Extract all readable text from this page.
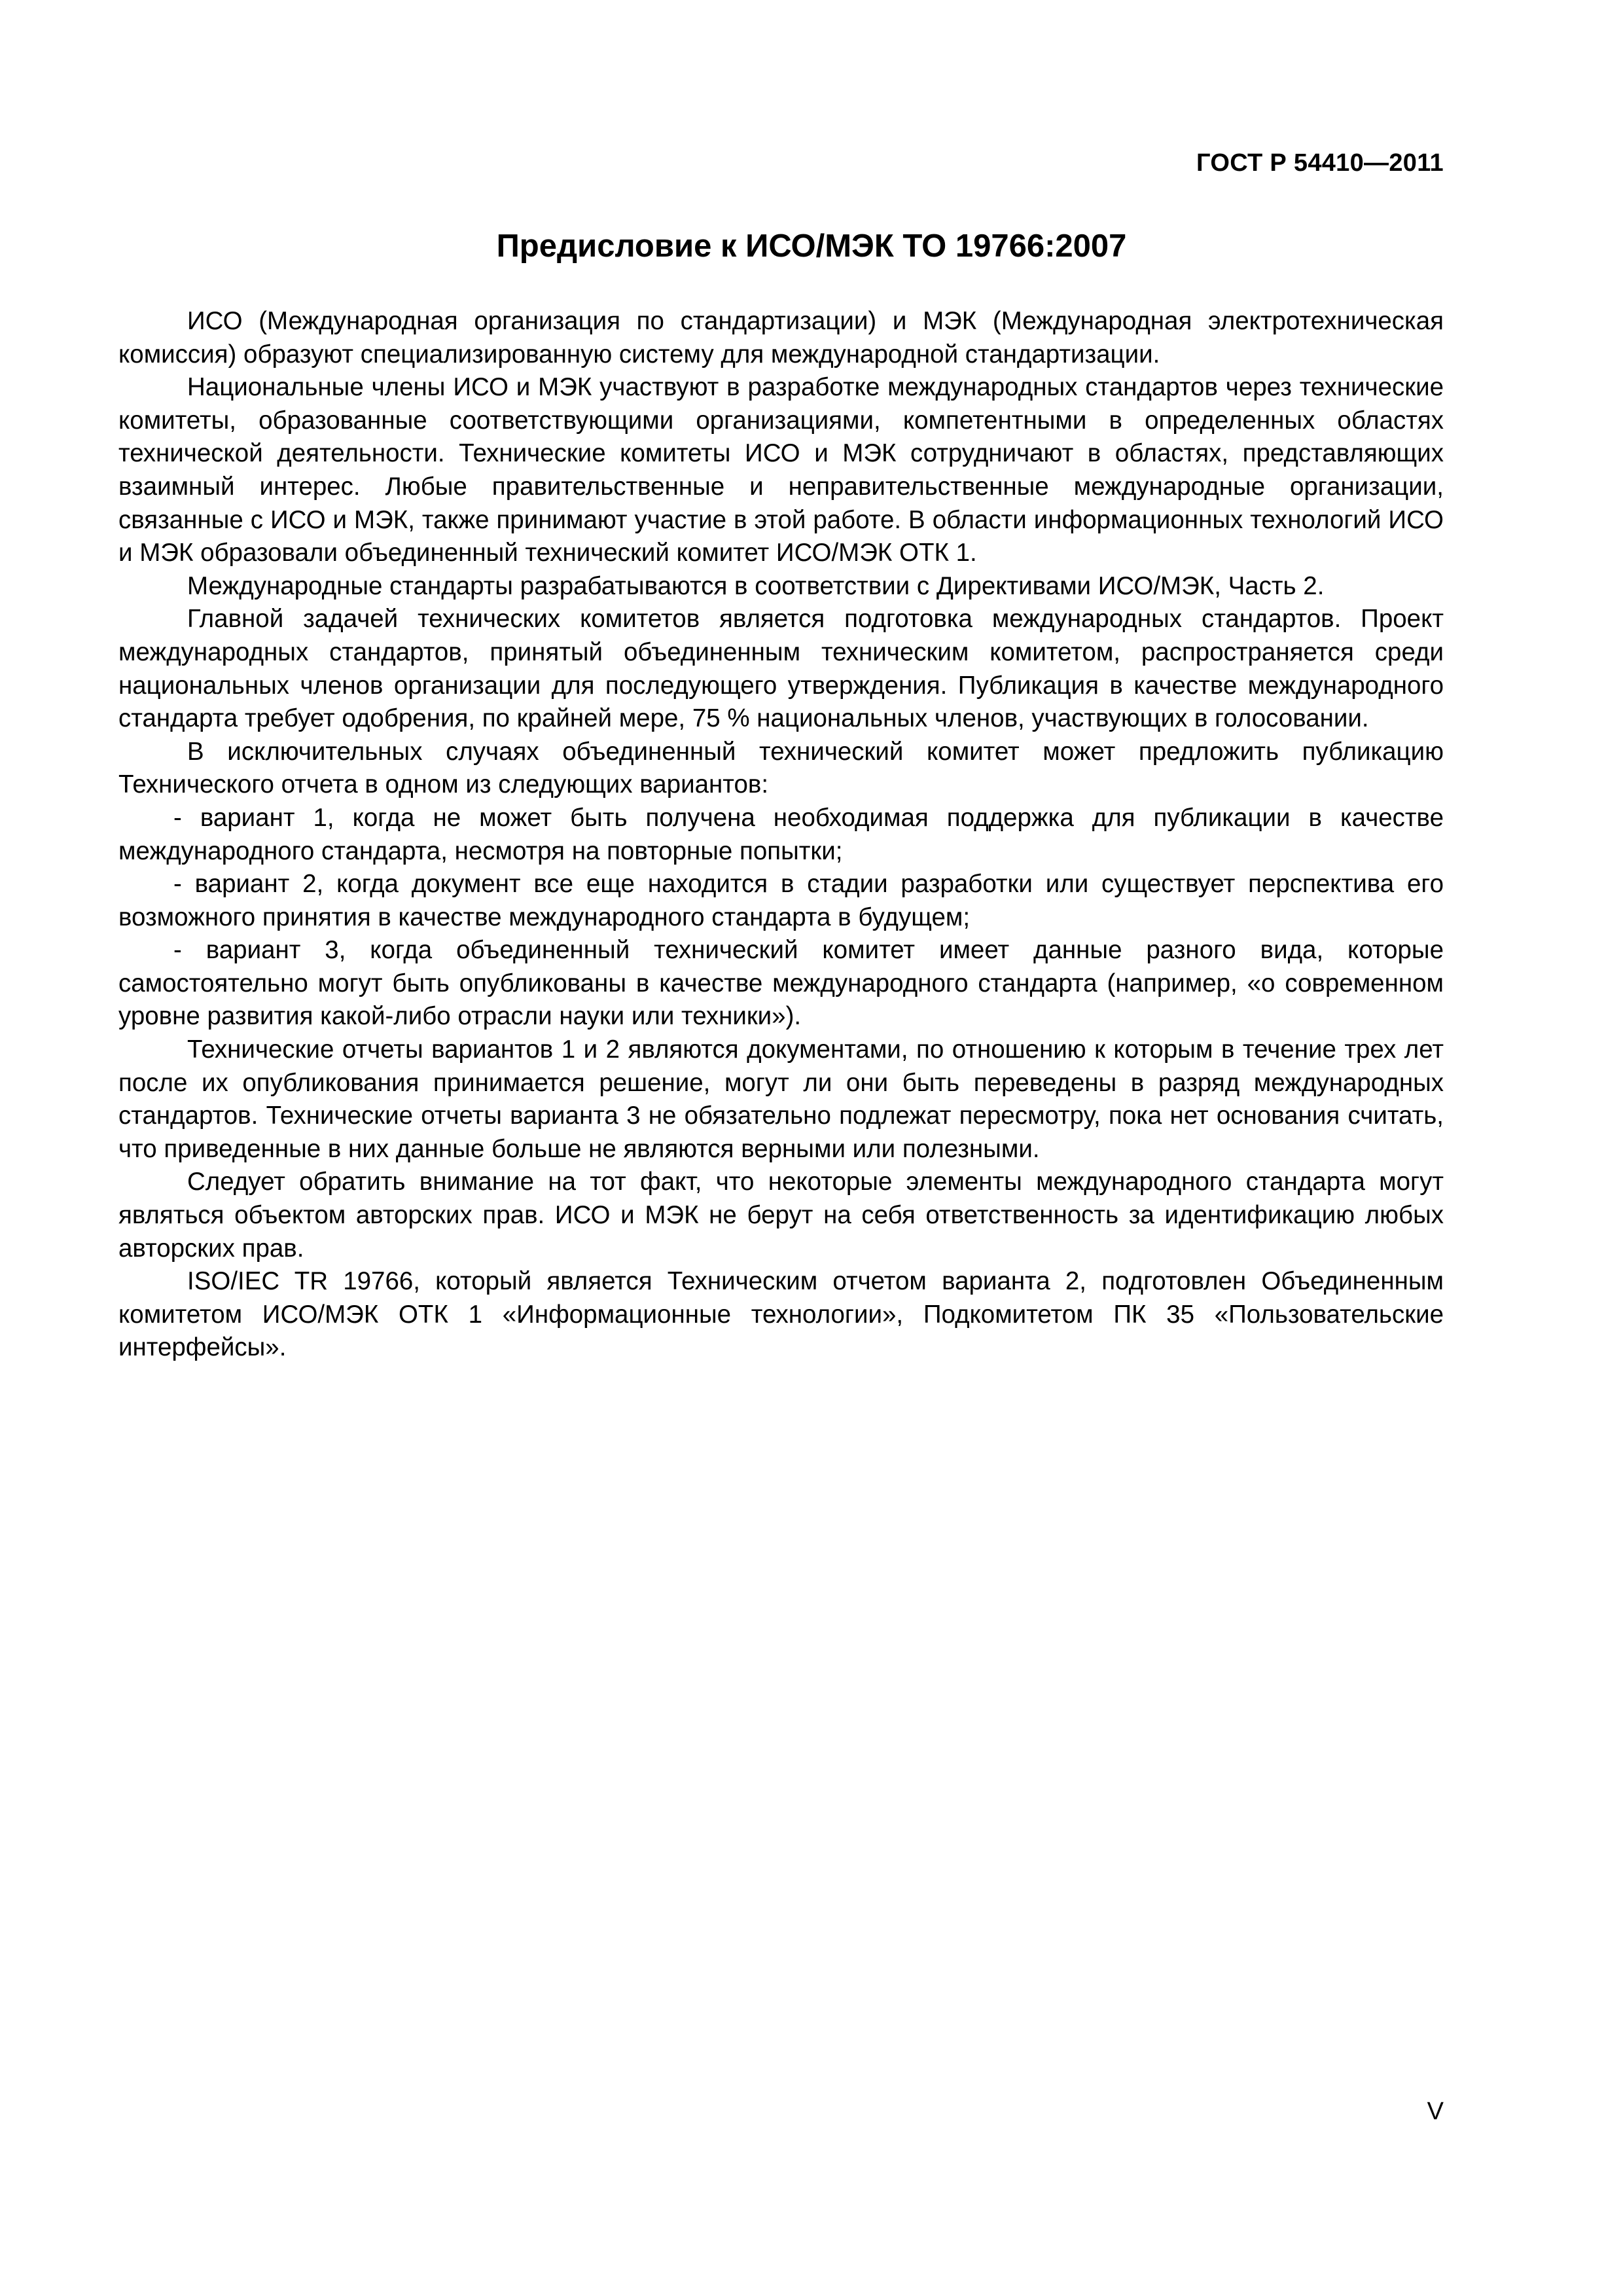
ГОСТ Р 54410—2011

Предисловие к ИСО/МЭК ТО 19766:2007

ИСО (Международная организация по стандартизации) и МЭК (Международная электротехническая комиссия) образуют специализированную систему для международной стандартизации.

Национальные члены ИСО и МЭК участвуют в разработке международных стандартов через технические комитеты, образованные соответствующими организациями, компетентными в определенных областях технической деятельности. Технические комитеты ИСО и МЭК сотрудничают в областях, представляющих взаимный интерес. Любые правительственные и неправительственные международные организации, связанные с ИСО и МЭК, также принимают участие в этой работе. В области информационных технологий ИСО и МЭК образовали объединенный технический комитет ИСО/МЭК ОТК 1.

Международные стандарты разрабатываются в соответствии с Директивами ИСО/МЭК, Часть 2.

Главной задачей технических комитетов является подготовка международных стандартов. Проект международных стандартов, принятый объединенным техническим комитетом, распространяется среди национальных членов организации для последующего утверждения. Публикация в качестве международного стандарта требует одобрения, по крайней мере, 75 % национальных членов, участвующих в голосовании.

В исключительных случаях объединенный технический комитет может предложить публикацию Технического отчета в одном из следующих вариантов:

- вариант 1, когда не может быть получена необходимая поддержка для публикации в качестве международного стандарта, несмотря на повторные попытки;

- вариант 2, когда документ все еще находится в стадии разработки или существует перспектива его возможного принятия в качестве международного стандарта в будущем;

- вариант 3, когда объединенный технический комитет имеет данные разного вида, которые самостоятельно могут быть опубликованы в качестве международного стандарта (например, «о современном уровне развития какой-либо отрасли науки или техники»).

Технические отчеты вариантов 1 и 2 являются документами, по отношению к которым в течение трех лет после их опубликования принимается решение, могут ли они быть переведены в разряд международных стандартов. Технические отчеты варианта 3 не обязательно подлежат пересмотру, пока нет основания считать, что приведенные в них данные больше не являются верными или полезными.

Следует обратить внимание на тот факт, что некоторые элементы международного стандарта могут являться объектом авторских прав. ИСО и МЭК не берут на себя ответственность за идентификацию любых авторских прав.

ISO/IEC TR 19766, который является Техническим отчетом варианта 2, подготовлен Объединенным комитетом ИСО/МЭК ОТК 1 «Информационные технологии», Подкомитетом ПК 35 «Пользовательские интерфейсы».

V
